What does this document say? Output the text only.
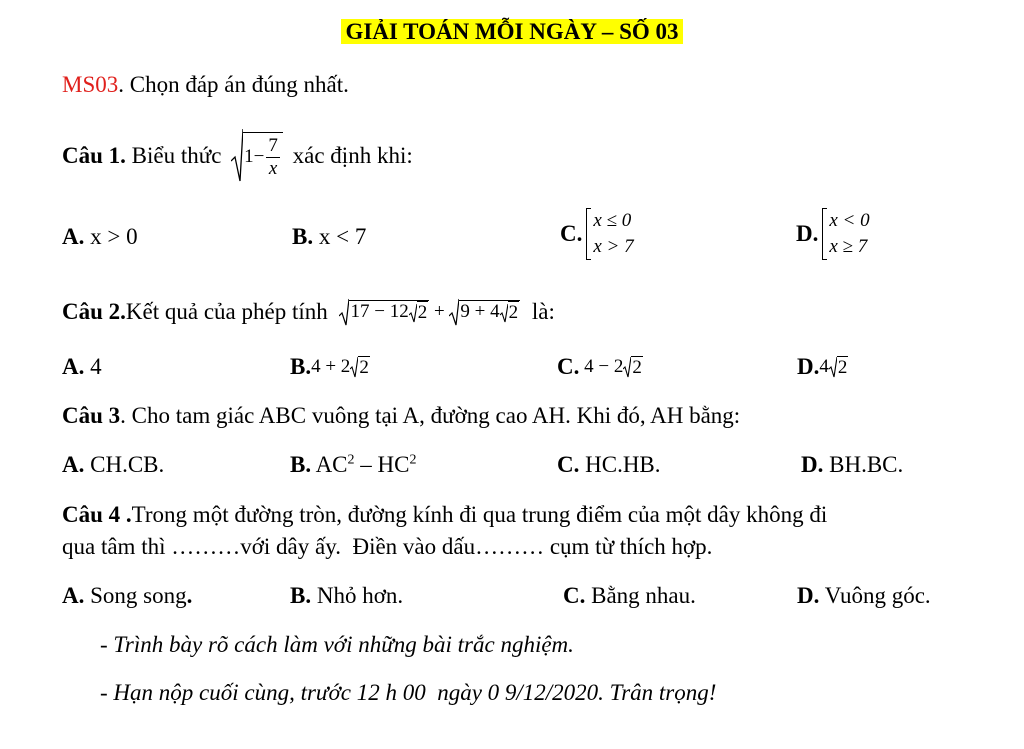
GIẢI TOÁN MỖI NGÀY – SỐ 03
MS03. Chọn đáp án đúng nhất.
Câu 1. Biểu thức $1- \frac{7}{x}$ xác định khi:
A. x > 0	B. x < 7	C.
x ≤ 0
x > 7
D.
x < 0
x ≥ 7
Câu 2. Kết quả của phép tính 17 − 12 2 + 9 + 4 2 là:
A. 4	B. 4 + 2 2	C. 4 − 2 2	D. 4 2
Câu 3. Cho tam giác ABC vuông tại A, đường cao AH. Khi đó, AH bằng:
A. CH.CB.	B. $AC^2 - HC^2$	C. HC.HB.	D. BH.BC.
Câu 4 .Trong một đường tròn, đường kính đi qua trung điểm của một dây không đi
qua tâm thì ………với dây ấy.  Điền vào dấu……… cụm từ thích hợp.
A. Song song.	B. Nhỏ hơn.	C. Bằng nhau.	D. Vuông góc.
- Trình bày rõ cách làm với những bài trắc nghiệm.
- Hạn nộp cuối cùng, trước 12 h 00  ngày 0 9/12/2020. Trân trọng!
